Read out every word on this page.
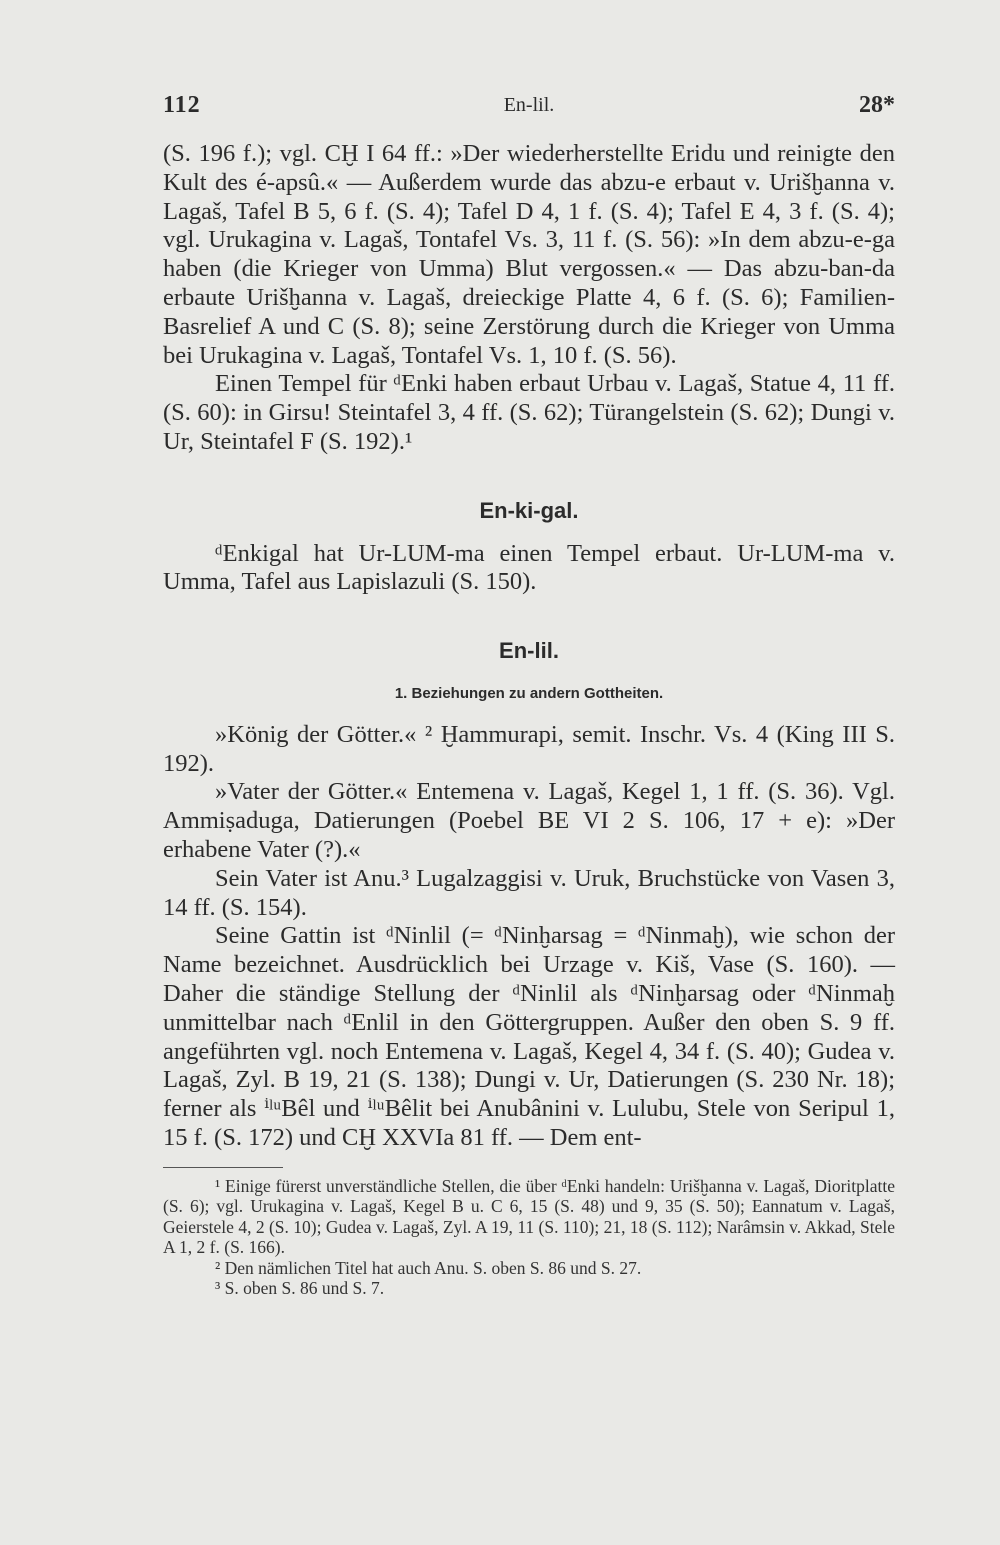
112	En-lil.	28*

(S. 196 f.); vgl. CḪ I 64 ff.: »Der wiederherstellte Eridu und reinigte den Kult des é-apsû.« — Außerdem wurde das abzu-e erbaut v. Urišḫanna v. Lagaš, Tafel B 5, 6 f. (S. 4); Tafel D 4, 1 f. (S. 4); Tafel E 4, 3 f. (S. 4); vgl. Urukagina v. Lagaš, Tontafel Vs. 3, 11 f. (S. 56): »In dem abzu-e-ga haben (die Krieger von Umma) Blut vergossen.« — Das abzu-ban-da erbaute Urišḫanna v. Lagaš, dreieckige Platte 4, 6 f. (S. 6); Familien-Basrelief A und C (S. 8); seine Zerstörung durch die Krieger von Umma bei Urukagina v. Lagaš, Tontafel Vs. 1, 10 f. (S. 56).

Einen Tempel für ᵈEnki haben erbaut Urbau v. Lagaš, Statue 4, 11 ff. (S. 60): in Girsu! Steintafel 3, 4 ff. (S. 62); Türangelstein (S. 62); Dungi v. Ur, Steintafel F (S. 192).¹

En-ki-gal.

ᵈEnkigal hat Ur-LUM-ma einen Tempel erbaut. Ur-LUM-ma v. Umma, Tafel aus Lapislazuli (S. 150).

En-lil.
1. Beziehungen zu andern Gottheiten.

»König der Götter.« ² Ḫammurapi, semit. Inschr. Vs. 4 (King III S. 192).

»Vater der Götter.« Entemena v. Lagaš, Kegel 1, 1 ff. (S. 36). Vgl. Ammiṣaduga, Datierungen (Poebel BE VI 2 S. 106, 17 + e): »Der erhabene Vater (?).«

Sein Vater ist Anu.³ Lugalzaggisi v. Uruk, Bruchstücke von Vasen 3, 14 ff. (S. 154).

Seine Gattin ist ᵈNinlil (= ᵈNinḫarsag = ᵈNinmaḫ), wie schon der Name bezeichnet. Ausdrücklich bei Urzage v. Kiš, Vase (S. 160). — Daher die ständige Stellung der ᵈNinlil als ᵈNinḫarsag oder ᵈNinmaḫ unmittelbar nach ᵈEnlil in den Göttergruppen. Außer den oben S. 9 ff. angeführten vgl. noch Entemena v. Lagaš, Kegel 4, 34 f. (S. 40); Gudea v. Lagaš, Zyl. B 19, 21 (S. 138); Dungi v. Ur, Datierungen (S. 230 Nr. 18); ferner als ⁱˡᵘBêl und ⁱˡᵘBêlit bei Anubânini v. Lulubu, Stele von Seripul 1, 15 f. (S. 172) und CḪ XXVIa 81 ff. — Dem ent-

¹ Einige fürerst unverständliche Stellen, die über ᵈEnki handeln: Urišḫanna v. Lagaš, Dioritplatte (S. 6); vgl. Urukagina v. Lagaš, Kegel B u. C 6, 15 (S. 48) und 9, 35 (S. 50); Eannatum v. Lagaš, Geierstele 4, 2 (S. 10); Gudea v. Lagaš, Zyl. A 19, 11 (S. 110); 21, 18 (S. 112); Narâmsin v. Akkad, Stele A 1, 2 f. (S. 166).

² Den nämlichen Titel hat auch Anu. S. oben S. 86 und S. 27.

³ S. oben S. 86 und S. 7.
